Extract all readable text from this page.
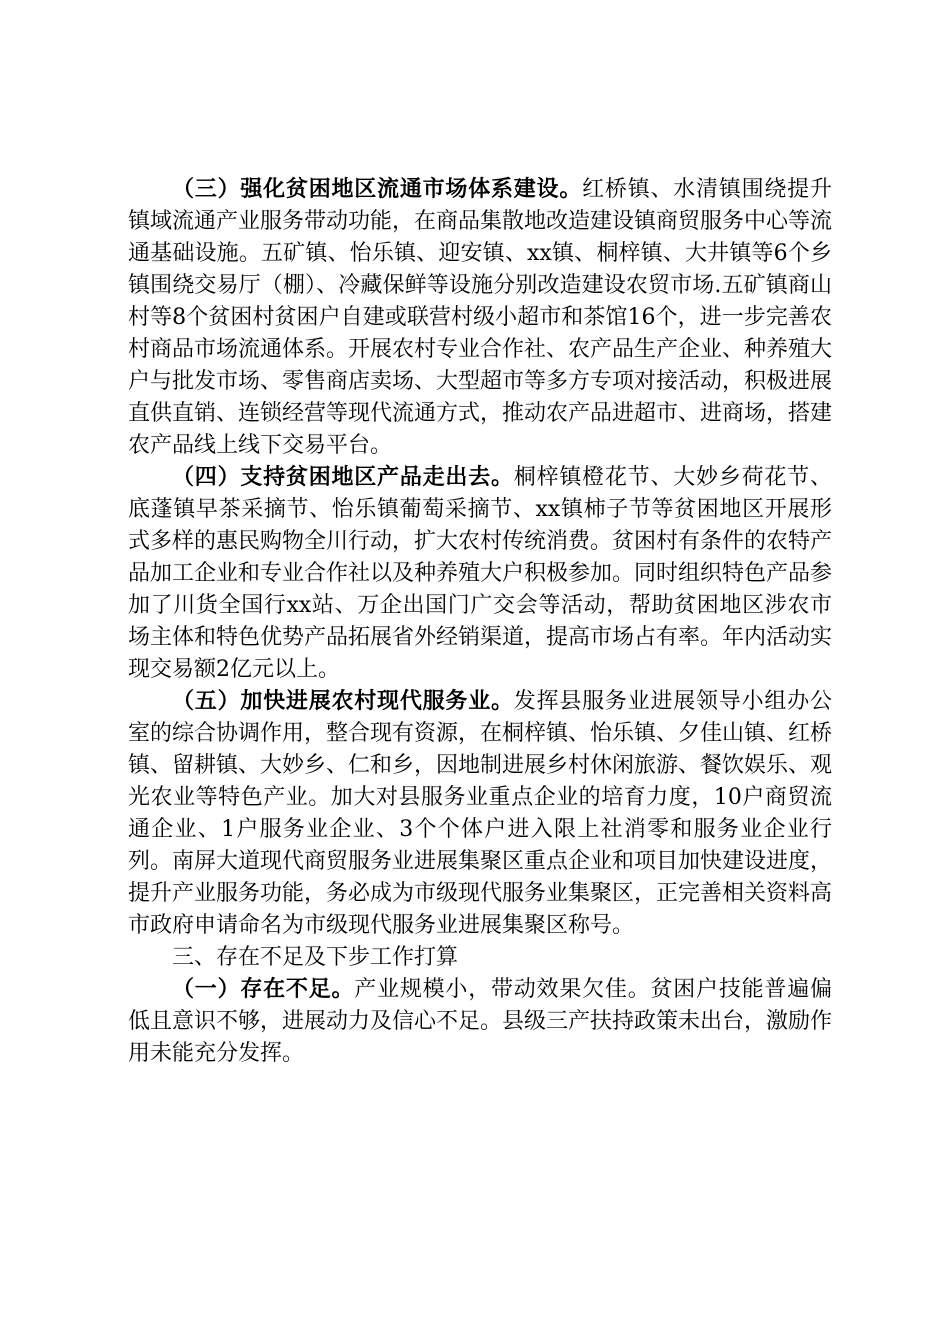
（三）强化贫困地区流通市场体系建设。红桥镇、水清镇围绕提升镇域流通产业服务带动功能，在商品集散地改造建设镇商贸服务中心等流通基础设施。五矿镇、怡乐镇、迎安镇、xx镇、桐梓镇、大井镇等6个乡镇围绕交易厅（棚）、冷藏保鲜等设施分别改造建设农贸市场.五矿镇商山村等8个贫困村贫困户自建或联营村级小超市和茶馆16个，进一步完善农村商品市场流通体系。开展农村专业合作社、农产品生产企业、种养殖大户与批发市场、零售商店卖场、大型超市等多方专项对接活动，积极进展直供直销、连锁经营等现代流通方式，推动农产品进超市、进商场，搭建农产品线上线下交易平台。

（四）支持贫困地区产品走出去。桐梓镇橙花节、大妙乡荷花节、底蓬镇早茶采摘节、怡乐镇葡萄采摘节、xx镇柿子节等贫困地区开展形式多样的惠民购物全川行动，扩大农村传统消费。贫困村有条件的农特产品加工企业和专业合作社以及种养殖大户积极参加。同时组织特色产品参加了川货全国行xx站、万企出国门广交会等活动，帮助贫困地区涉农市场主体和特色优势产品拓展省外经销渠道，提高市场占有率。年内活动实现交易额2亿元以上。

（五）加快进展农村现代服务业。发挥县服务业进展领导小组办公室的综合协调作用，整合现有资源，在桐梓镇、怡乐镇、夕佳山镇、红桥镇、留耕镇、大妙乡、仁和乡，因地制进展乡村休闲旅游、餐饮娱乐、观光农业等特色产业。加大对县服务业重点企业的培育力度，10户商贸流通企业、1户服务业企业、3个个体户进入限上社消零和服务业企业行列。南屏大道现代商贸服务业进展集聚区重点企业和项目加快建设进度，提升产业服务功能，务必成为市级现代服务业集聚区，正完善相关资料高市政府申请命名为市级现代服务业进展集聚区称号。

三、存在不足及下步工作打算

（一）存在不足。产业规模小，带动效果欠佳。贫困户技能普遍偏低且意识不够，进展动力及信心不足。县级三产扶持政策未出台，激励作用未能充分发挥。
